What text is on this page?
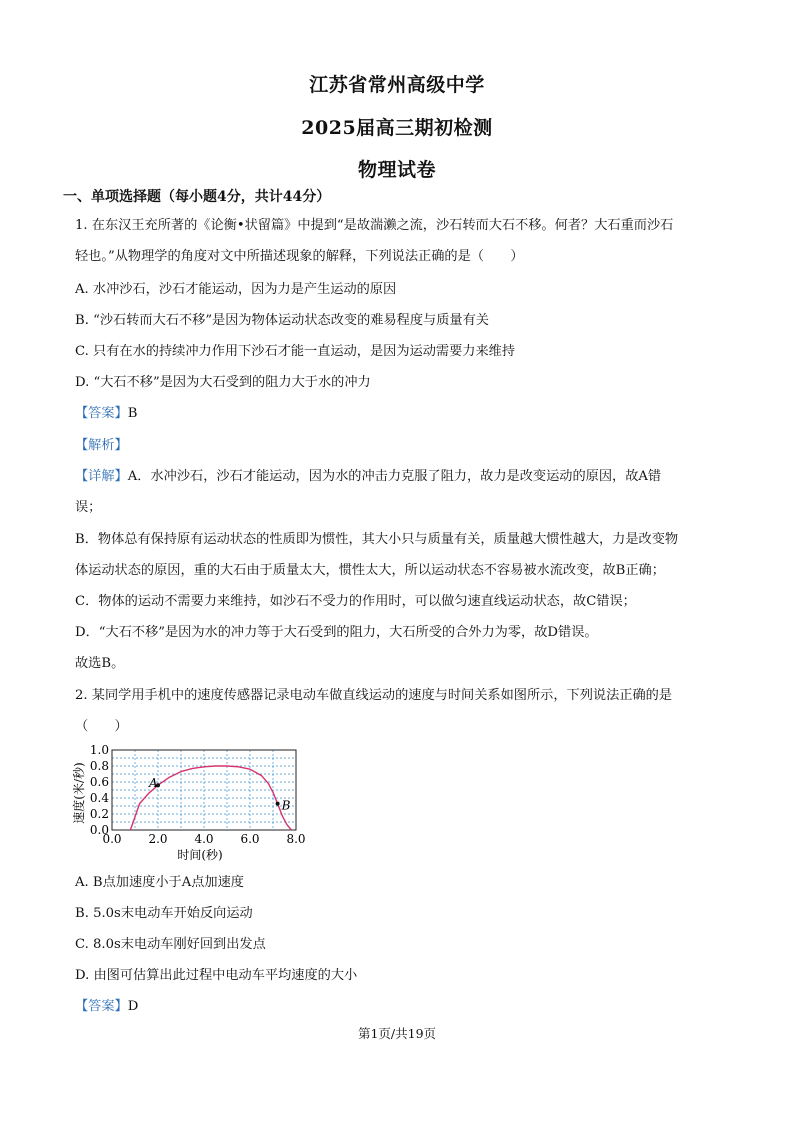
江苏省常州高级中学
2025届高三期初检测
物理试卷
一、单项选择题（每小题4分，共计44分）
1. 在东汉王充所著的《论衡•状留篇》中提到“是故湍濑之流，沙石转而大石不移。何者？大石重而沙石
轻也。”从物理学的角度对文中所描述现象的解释，下列说法正确的是（　　）
A. 水冲沙石，沙石才能运动，因为力是产生运动的原因
B. “沙石转而大石不移”是因为物体运动状态改变的难易程度与质量有关
C. 只有在水的持续冲力作用下沙石才能一直运动，是因为运动需要力来维持
D. “大石不移”是因为大石受到的阻力大于水的冲力
【答案】B
【解析】
【详解】A．水冲沙石，沙石才能运动，因为水的冲击力克服了阻力，故力是改变运动的原因，故A错
误；
B．物体总有保持原有运动状态的性质即为惯性，其大小只与质量有关，质量越大惯性越大，力是改变物
体运动状态的原因，重的大石由于质量太大，惯性太大，所以运动状态不容易被水流改变，故B正确；
C．物体的运动不需要力来维持，如沙石不受力的作用时，可以做匀速直线运动状态，故C错误；
D．“大石不移”是因为水的冲力等于大石受到的阻力，大石所受的合外力为零，故D错误。
故选B。
2. 某同学用手机中的速度传感器记录电动车做直线运动的速度与时间关系如图所示，下列说法正确的是
（　　）
0.0 2.0 4.0 6.0 8.0
0.0
0.2
0.4
0.6
0.8
1.0
A
B
时间(秒)
速度(米/秒)
A. B点加速度小于A点加速度
B. 5.0s末电动车开始反向运动
C. 8.0s末电动车刚好回到出发点
D. 由图可估算出此过程中电动车平均速度的大小
【答案】D
第1页/共19页
